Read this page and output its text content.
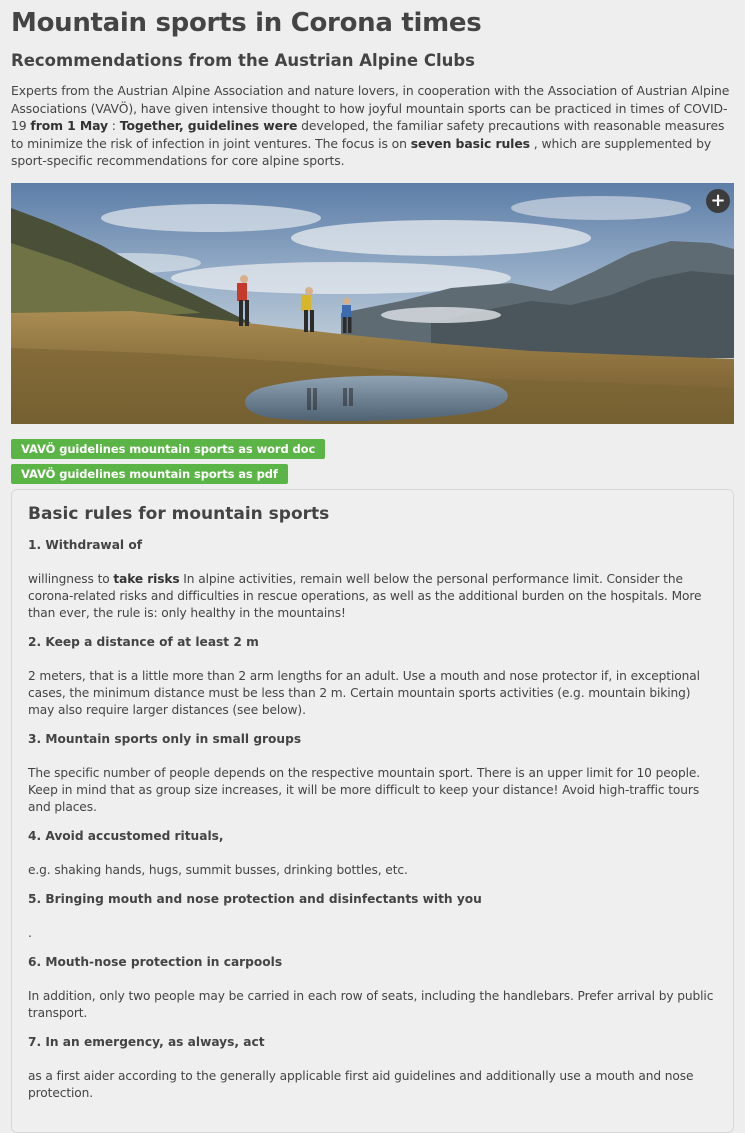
Mountain sports in Corona times
Recommendations from the Austrian Alpine Clubs
Experts from the Austrian Alpine Association and nature lovers, in cooperation with the Association of Austrian Alpine Associations (VAVÖ), have given intensive thought to how joyful mountain sports can be practiced in times of COVID-19 from 1 May : Together, guidelines were developed, the familiar safety precautions with reasonable measures to minimize the risk of infection in joint ventures. The focus is on seven basic rules , which are supplemented by sport-specific recommendations for core alpine sports.
+
VAVÖ guidelines mountain sports as word doc
VAVÖ guidelines mountain sports as pdf
Basic rules for mountain sports
1. Withdrawal of
willingness to take risks In alpine activities, remain well below the personal performance limit. Consider the corona-related risks and difficulties in rescue operations, as well as the additional burden on the hospitals. More than ever, the rule is: only healthy in the mountains!
2. Keep a distance of at least 2 m
2 meters, that is a little more than 2 arm lengths for an adult. Use a mouth and nose protector if, in exceptional cases, the minimum distance must be less than 2 m. Certain mountain sports activities (e.g. mountain biking) may also require larger distances (see below).
3. Mountain sports only in small groups
The specific number of people depends on the respective mountain sport. There is an upper limit for 10 people. Keep in mind that as group size increases, it will be more difficult to keep your distance! Avoid high-traffic tours and places.
4. Avoid accustomed rituals,
e.g. shaking hands, hugs, summit busses, drinking bottles, etc.
5. Bringing mouth and nose protection and disinfectants with you
.
6. Mouth-nose protection in carpools
In addition, only two people may be carried in each row of seats, including the handlebars. Prefer arrival by public transport.
7. In an emergency, as always, act
as a first aider according to the generally applicable first aid guidelines and additionally use a mouth and nose protection.
